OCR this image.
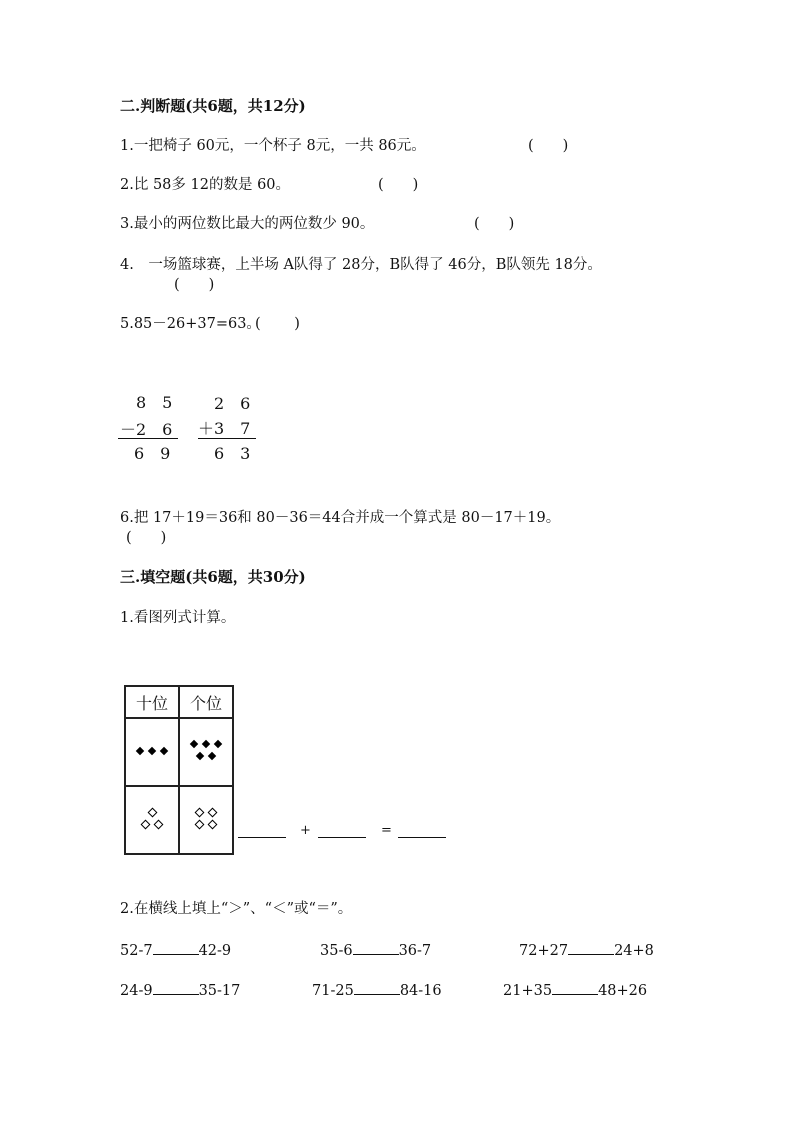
二.判断题(共6题，共12分)
1.一把椅子 60元，一个杯子 8元，一共 86元。	(　　)
2.比 58多 12的数是 60。	(　　)
3.最小的两位数比最大的两位数少 90。	(　　)
4.　一场篮球赛，上半场 A队得了 28分，B队得了 46分，B队领先 18分。
(　　)
5.85－26+37=63。
(　　 )
8　5
－2　6
6　9
2　6
＋3　7
6　3
6.把 17＋19＝36和 80－36＝44合并成一个算式是 80－17＋19。
(　　)
三.填空题(共6题，共30分)
1.看图列式计算。
十位	个位

+	=
2.在横线上填上“＞”、“＜”或“＝”。
52-7	42-9	35-6	36-7	72+27	24+8
24-9	35-17	71-25	84-16	21+35	48+26
